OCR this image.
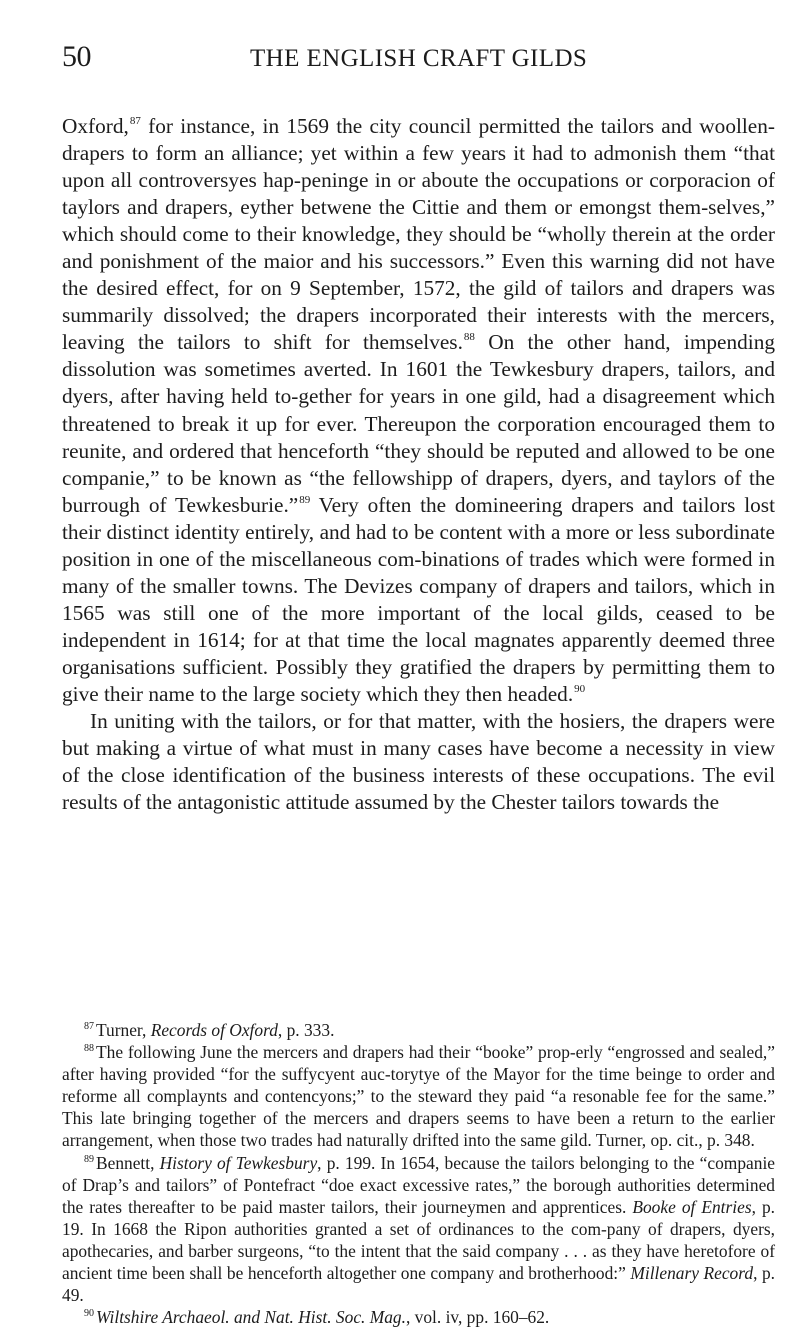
50	THE ENGLISH CRAFT GILDS

Oxford,$^{87}$ for instance, in 1569 the city council permitted the tailors and woollen-drapers to form an alliance; yet within a few years it had to admonish them “that upon all controversyes hap-peninge in or aboute the occupations or corporacion of taylors and drapers, eyther betwene the Cittie and them or emongst them-selves,” which should come to their knowledge, they should be “wholly therein at the order and ponishment of the maior and his successors.” Even this warning did not have the desired effect, for on 9 September, 1572, the gild of tailors and drapers was summarily dissolved; the drapers incorporated their interests with the mercers, leaving the tailors to shift for themselves.$^{88}$ On the other hand, impending dissolution was sometimes averted. In 1601 the Tewkesbury drapers, tailors, and dyers, after having held to-gether for years in one gild, had a disagreement which threatened to break it up for ever. Thereupon the corporation encouraged them to reunite, and ordered that henceforth “they should be reputed and allowed to be one companie,” to be known as “the fellowshipp of drapers, dyers, and taylors of the burrough of Tewkesburie.”$^{89}$ Very often the domineering drapers and tailors lost their distinct identity entirely, and had to be content with a more or less subordinate position in one of the miscellaneous com-binations of trades which were formed in many of the smaller towns. The Devizes company of drapers and tailors, which in 1565 was still one of the more important of the local gilds, ceased to be independent in 1614; for at that time the local magnates apparently deemed three organisations sufficient. Possibly they gratified the drapers by permitting them to give their name to the large society which they then headed.$^{90}$

In uniting with the tailors, or for that matter, with the hosiers, the drapers were but making a virtue of what must in many cases have become a necessity in view of the close identification of the business interests of these occupations. The evil results of the antagonistic attitude assumed by the Chester tailors towards the

$^{87}$ Turner, Records of Oxford, p. 333.

$^{88}$ The following June the mercers and drapers had their “booke” prop-erly “engrossed and sealed,” after having provided “for the suffycyent auc-torytye of the Mayor for the time beinge to order and reforme all complaynts and contencyons;” to the steward they paid “a resonable fee for the same.” This late bringing together of the mercers and drapers seems to have been a return to the earlier arrangement, when those two trades had naturally drifted into the same gild. Turner, op. cit., p. 348.

$^{89}$ Bennett, History of Tewkesbury, p. 199. In 1654, because the tailors belonging to the “companie of Drap’s and tailors” of Pontefract “doe exact excessive rates,” the borough authorities determined the rates thereafter to be paid master tailors, their journeymen and apprentices. Booke of Entries, p. 19. In 1668 the Ripon authorities granted a set of ordinances to the com-pany of drapers, dyers, apothecaries, and barber surgeons, “to the intent that the said company . . . as they have heretofore of ancient time been shall be henceforth altogether one company and brotherhood:” Millenary Record, p. 49.

$^{90}$ Wiltshire Archaeol. and Nat. Hist. Soc. Mag., vol. iv, pp. 160–62.
